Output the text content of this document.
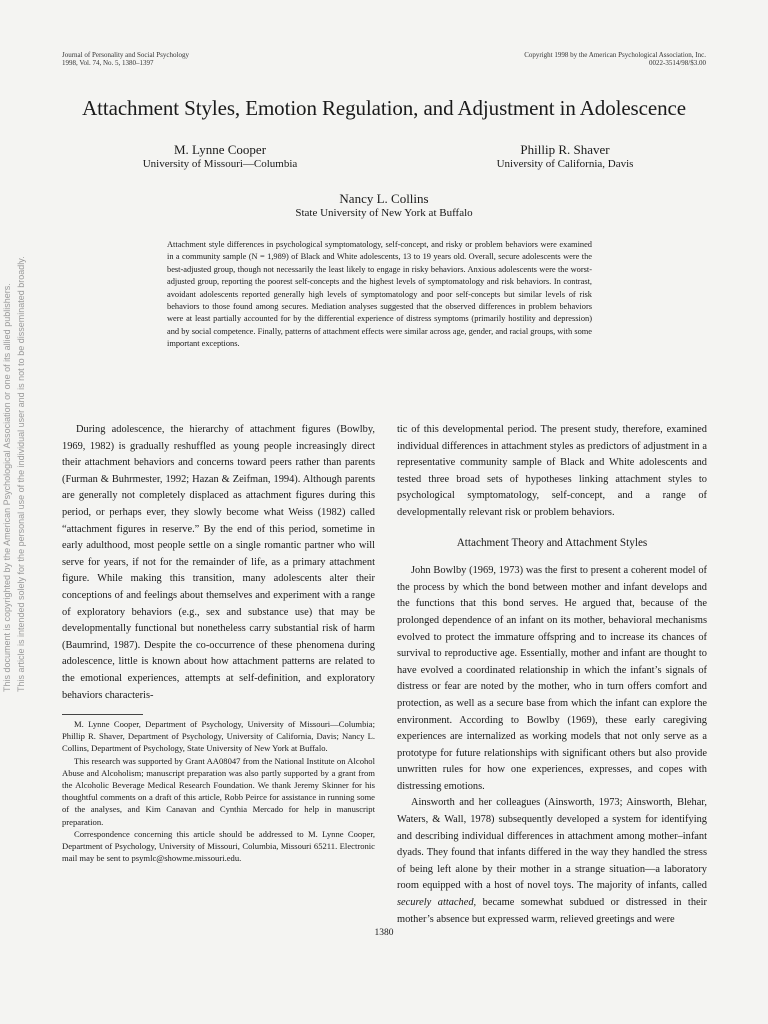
Journal of Personality and Social Psychology
1998, Vol. 74, No. 5, 1380–1397
Copyright 1998 by the American Psychological Association, Inc.
0022-3514/98/$3.00
This document is copyrighted by the American Psychological Association or one of its allied publishers. This article is intended solely for the personal use of the individual user and is not to be disseminated broadly.
Attachment Styles, Emotion Regulation, and Adjustment in Adolescence
M. Lynne Cooper
University of Missouri—Columbia
Phillip R. Shaver
University of California, Davis
Nancy L. Collins
State University of New York at Buffalo
Attachment style differences in psychological symptomatology, self-concept, and risky or problem behaviors were examined in a community sample (N = 1,989) of Black and White adolescents, 13 to 19 years old. Overall, secure adolescents were the best-adjusted group, though not necessarily the least likely to engage in risky behaviors. Anxious adolescents were the worst-adjusted group, reporting the poorest self-concepts and the highest levels of symptomatology and risk behaviors. In contrast, avoidant adolescents reported generally high levels of symptomatology and poor self-concepts but similar levels of risk behaviors to those found among secures. Mediation analyses suggested that the observed differences in problem behaviors were at least partially accounted for by the differential experience of distress symptoms (primarily hostility and depression) and by social competence. Finally, patterns of attachment effects were similar across age, gender, and racial groups, with some important exceptions.

During adolescence, the hierarchy of attachment figures (Bowlby, 1969, 1982) is gradually reshuffled as young people increasingly direct their attachment behaviors and concerns toward peers rather than parents (Furman & Buhrmester, 1992; Hazan & Zeifman, 1994). Although parents are generally not completely displaced as attachment figures during this period, or perhaps ever, they slowly become what Weiss (1982) called “attachment figures in reserve.” By the end of this period, sometime in early adulthood, most people settle on a single romantic partner who will serve for years, if not for the remainder of life, as a primary attachment figure. While making this transition, many adolescents alter their conceptions of and feelings about themselves and experiment with a range of exploratory behaviors (e.g., sex and substance use) that may be developmentally functional but nonetheless carry substantial risk of harm (Baumrind, 1987). Despite the co-occurrence of these phenomena during adolescence, little is known about how attachment patterns are related to the emotional experiences, attempts at self-definition, and exploratory behaviors characteris-

M. Lynne Cooper, Department of Psychology, University of Missouri—Columbia; Phillip R. Shaver, Department of Psychology, University of California, Davis; Nancy L. Collins, Department of Psychology, State University of New York at Buffalo.

This research was supported by Grant AA08047 from the National Institute on Alcohol Abuse and Alcoholism; manuscript preparation was also partly supported by a grant from the Alcoholic Beverage Medical Research Foundation. We thank Jeremy Skinner for his thoughtful comments on a draft of this article, Robb Peirce for assistance in running some of the analyses, and Kim Canavan and Cynthia Mercado for help in manuscript preparation.

Correspondence concerning this article should be addressed to M. Lynne Cooper, Department of Psychology, University of Missouri, Columbia, Missouri 65211. Electronic mail may be sent to psymlc@showme.missouri.edu.

tic of this developmental period. The present study, therefore, examined individual differences in attachment styles as predictors of adjustment in a representative community sample of Black and White adolescents and tested three broad sets of hypotheses linking attachment styles to psychological symptomatology, self-concept, and a range of developmentally relevant risk or problem behaviors.

Attachment Theory and Attachment Styles

John Bowlby (1969, 1973) was the first to present a coherent model of the process by which the bond between mother and infant develops and the functions that this bond serves. He argued that, because of the prolonged dependence of an infant on its mother, behavioral mechanisms evolved to protect the immature offspring and to increase its chances of survival to reproductive age. Essentially, mother and infant are thought to have evolved a coordinated relationship in which the infant’s signals of distress or fear are noted by the mother, who in turn offers comfort and protection, as well as a secure base from which the infant can explore the environment. According to Bowlby (1969), these early caregiving experiences are internalized as working models that not only serve as a prototype for future relationships with significant others but also provide unwritten rules for how one experiences, expresses, and copes with distressing emotions.

Ainsworth and her colleagues (Ainsworth, 1973; Ainsworth, Blehar, Waters, & Wall, 1978) subsequently developed a system for identifying and describing individual differences in attachment among mother–infant dyads. They found that infants differed in the way they handled the stress of being left alone by their mother in a strange situation—a laboratory room equipped with a host of novel toys. The majority of infants, called securely attached, became somewhat subdued or distressed in their mother’s absence but expressed warm, relieved greetings and were

1380
